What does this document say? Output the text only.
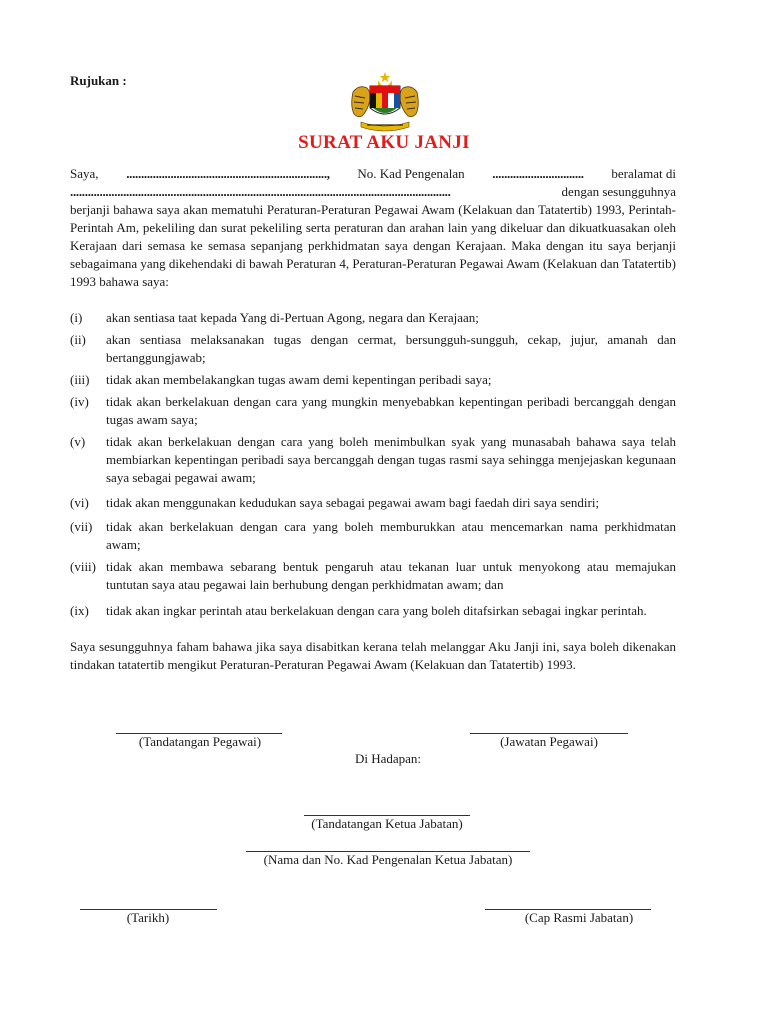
Rujukan :
SURAT AKU JANJI
Saya, ...................................................................., No. Kad Pengenalan ............................... beralamat di
.................................................................................................................................	dengan sesungguhnya
berjanji bahawa saya akan mematuhi Peraturan-Peraturan Pegawai Awam (Kelakuan dan Tatatertib) 1993, Perintah-Perintah Am, pekeliling dan surat pekeliling serta peraturan dan arahan lain yang dikeluar dan dikuatkuasakan oleh Kerajaan dari semasa ke semasa sepanjang perkhidmatan saya dengan Kerajaan. Maka dengan itu saya berjanji sebagaimana yang dikehendaki di bawah Peraturan 4, Peraturan-Peraturan Pegawai Awam (Kelakuan dan Tatatertib) 1993 bahawa saya:
(i)	akan sentiasa taat kepada Yang di-Pertuan Agong, negara dan Kerajaan;
(ii)	akan sentiasa melaksanakan tugas dengan cermat, bersungguh-sungguh, cekap, jujur, amanah dan bertanggungjawab;
(iii)	tidak akan membelakangkan tugas awam demi kepentingan peribadi saya;
(iv)	tidak akan berkelakuan dengan cara yang mungkin menyebabkan kepentingan peribadi bercanggah dengan tugas awam saya;
(v)	tidak akan berkelakuan dengan cara yang boleh menimbulkan syak yang munasabah bahawa saya telah membiarkan kepentingan peribadi saya bercanggah dengan tugas rasmi saya sehingga menjejaskan kegunaan saya sebagai pegawai awam;
(vi)	tidak akan menggunakan kedudukan saya sebagai pegawai awam bagi faedah diri saya sendiri;
(vii)	tidak akan berkelakuan dengan cara yang boleh memburukkan atau mencemarkan nama perkhidmatan awam;
(viii) tidak akan membawa sebarang bentuk pengaruh atau tekanan luar untuk menyokong atau memajukan tuntutan saya atau pegawai lain berhubung dengan perkhidmatan awam; dan
(ix)	tidak akan ingkar perintah atau berkelakuan dengan cara yang boleh ditafsirkan sebagai ingkar perintah.
Saya sesungguhnya faham bahawa jika saya disabitkan kerana telah melanggar Aku Janji ini, saya boleh dikenakan tindakan tatatertib mengikut Peraturan-Peraturan Pegawai Awam (Kelakuan dan Tatatertib) 1993.
(Tandatangan Pegawai)	(Jawatan Pegawai)
Di Hadapan:
(Tandatangan Ketua Jabatan)
(Nama dan No. Kad Pengenalan Ketua Jabatan)
(Tarikh)	(Cap Rasmi Jabatan)
